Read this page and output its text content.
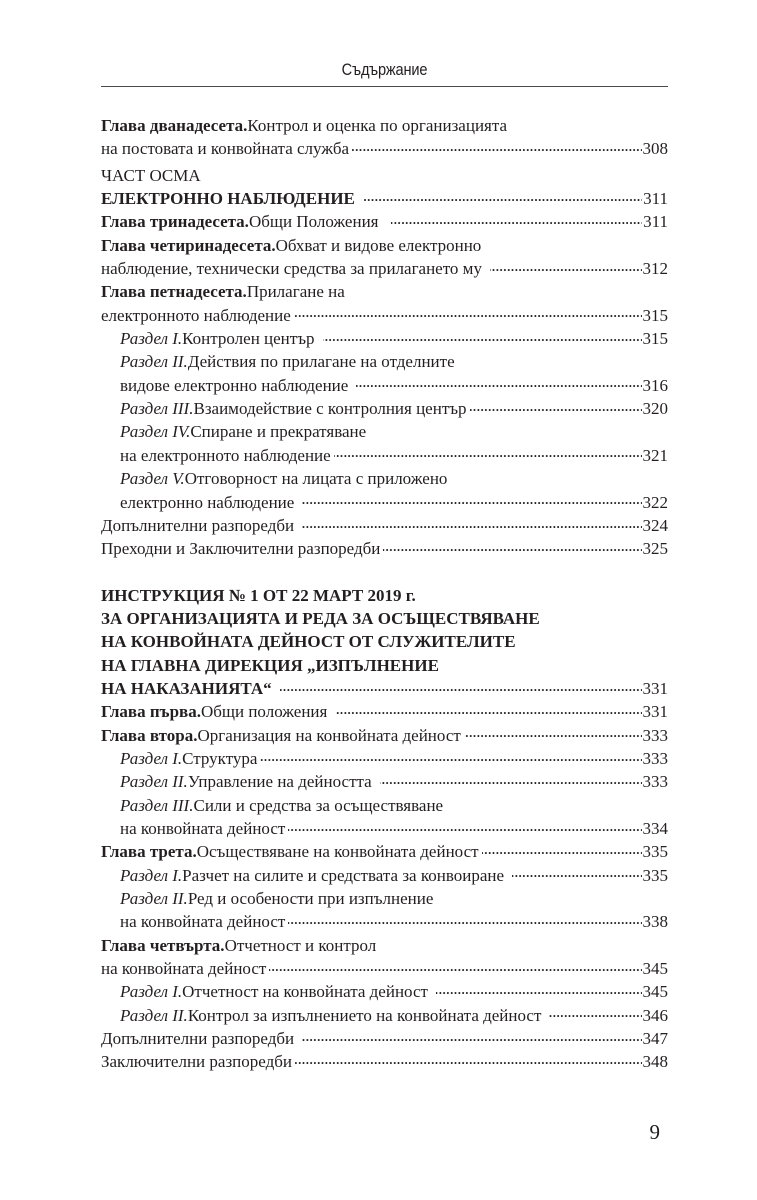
Съдържание
Глава дванадесета. Контрол и оценка по организацията
на постовата и конвойната служба . . .	308
ЧАСТ ОСМА
ЕЛЕКТРОННО НАБЛЮДЕНИЕ . . .	311
Глава тринадесета. Общи Положения . . .	311
Глава четиринадесета. Обхват и видове електронно
наблюдение, технически средства за прилагането му . . .	312
Глава петнадесета. Прилагане на
електронното наблюдение . . .	315
Раздел I. Контролен център . . .	315
Раздел II. Действия по прилагане на отделните
видове електронно наблюдение . . .	316
Раздел III. Взаимодействие с контролния център . . .	320
Раздел IV. Спиране и прекратяване
на електронното наблюдение . . .	321
Раздел V. Отговорност на лицата с приложено
електронно наблюдение . . .	322
Допълнителни разпоредби . . .	324
Преходни и Заключителни разпоредби . . .	325
ИНСТРУКЦИЯ № 1 ОТ 22 МАРТ 2019 г.
ЗА ОРГАНИЗАЦИЯТА И РЕДА ЗА ОСЪЩЕСТВЯВАНЕ
НА КОНВОЙНАТА ДЕЙНОСТ ОТ СЛУЖИТЕЛИТЕ
НА ГЛАВНА ДИРЕКЦИЯ „ИЗПЪЛНЕНИЕ
НА НАКАЗАНИЯТА“ . . .	331
Глава първа. Общи положения . . .	331
Глава втора. Организация на конвойната дейност . . .	333
Раздел I. Структура . . .	333
Раздел II. Управление на дейността . . .	333
Раздел III. Сили и средства за осъществяване
на конвойната дейност . . .	334
Глава трета. Осъществяване на конвойната дейност . . .	335
Раздел I. Разчет на силите и средствата за конвоиране . . .	335
Раздел II. Ред и особености при изпълнение
на конвойната дейност . . .	338
Глава четвърта. Отчетност и контрол
на конвойната дейност . . .	345
Раздел I. Отчетност на конвойната дейност . . .	345
Раздел II. Контрол за изпълнението на конвойната дейност . . .	346
Допълнителни разпоредби . . .	347
Заключителни разпоредби . . .	348
9
